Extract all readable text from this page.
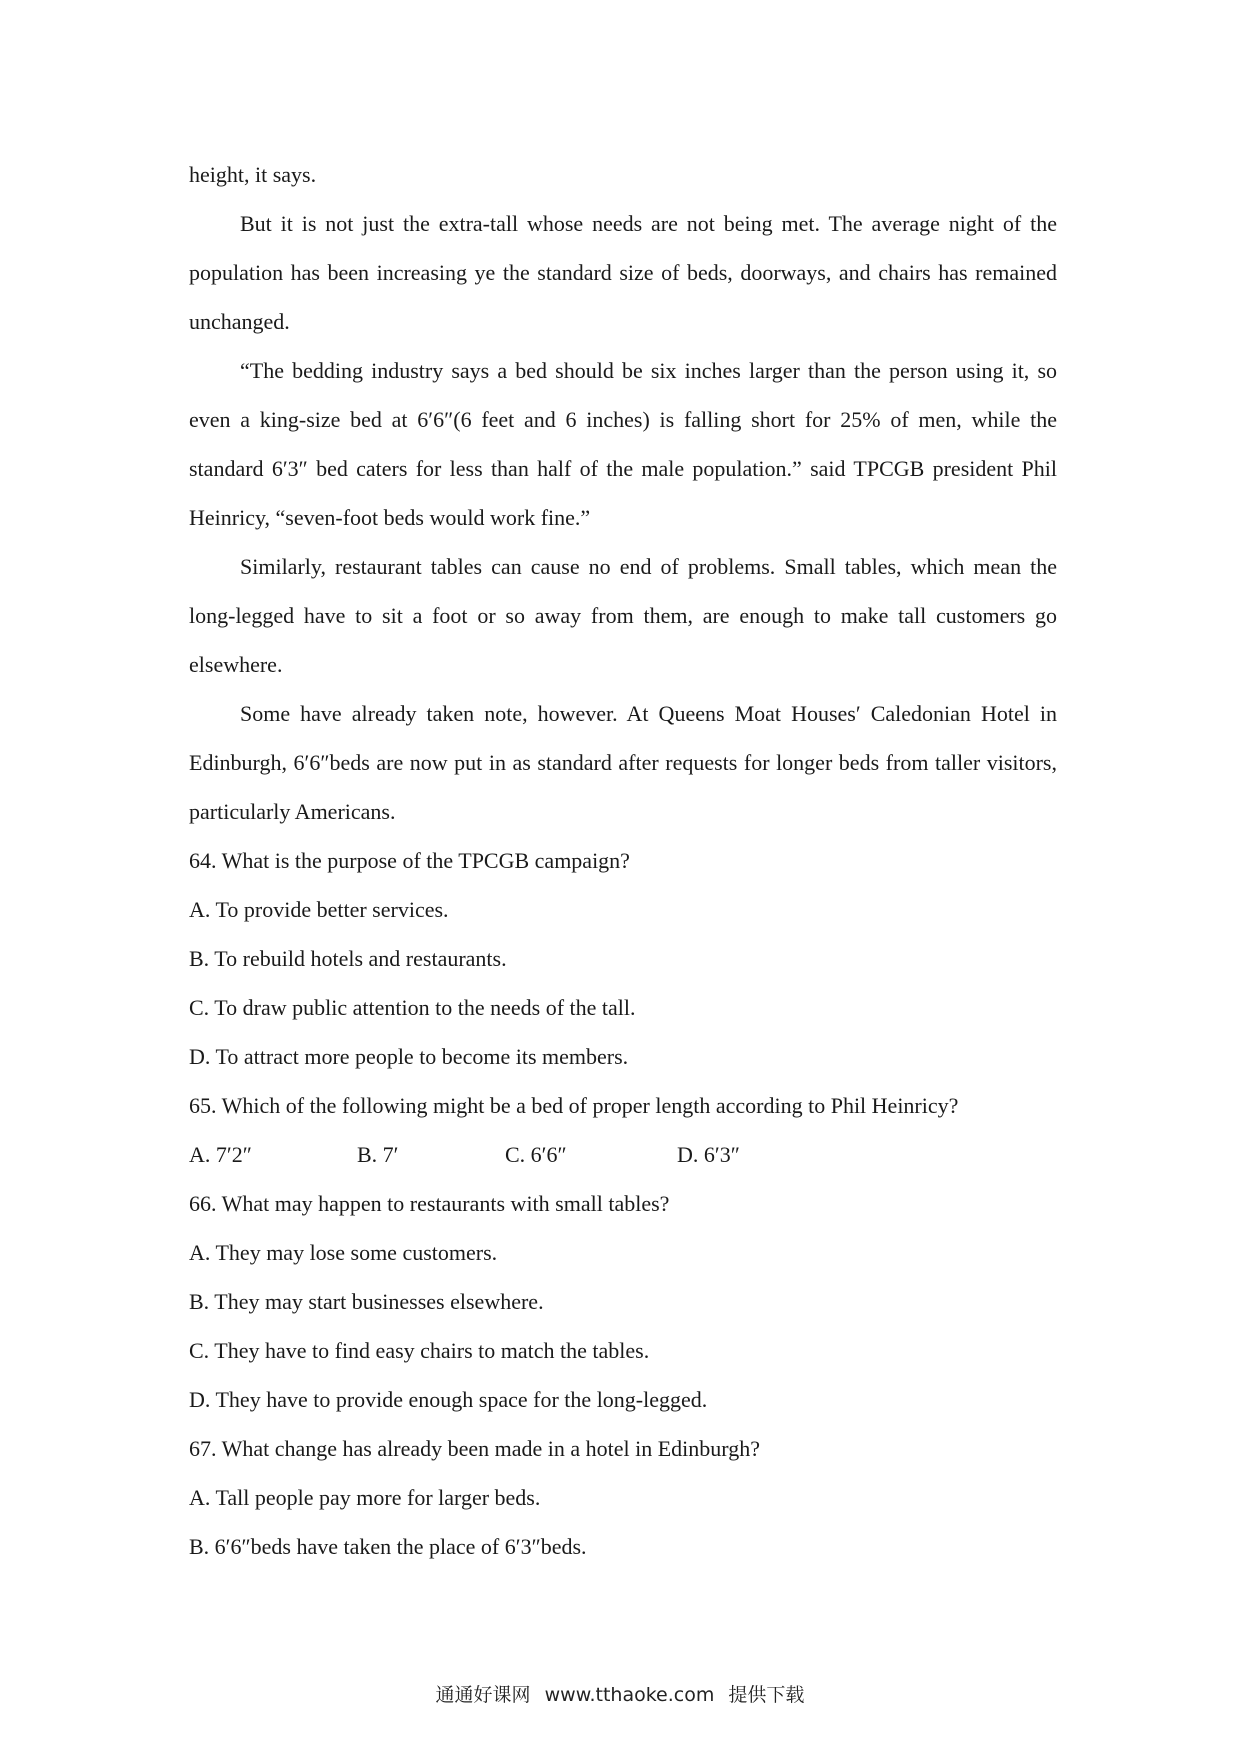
height, it says.

But it is not just the extra-tall whose needs are not being met. The average night of the population has been increasing ye the standard size of beds, doorways, and chairs has remained unchanged.

“The bedding industry says a bed should be six inches larger than the person using it, so even a king-size bed at 6′6″(6 feet and 6 inches) is falling short for 25% of men, while the standard 6′3″ bed caters for less than half of the male population.” said TPCGB president Phil Heinricy, “seven-foot beds would work fine.”

Similarly, restaurant tables can cause no end of problems. Small tables, which mean the long-legged have to sit a foot or so away from them, are enough to make tall customers go elsewhere.

Some have already taken note, however. At Queens Moat Houses′ Caledonian Hotel in Edinburgh, 6′6″beds are now put in as standard after requests for longer beds from taller visitors, particularly Americans.

64. What is the purpose of the TPCGB campaign?

A. To provide better services.

B. To rebuild hotels and restaurants.

C. To draw public attention to the needs of the tall.

D. To attract more people to become its members.

65. Which of the following might be a bed of proper length according to Phil Heinricy?

A. 7′2″	B. 7′	C. 6′6″	D. 6′3″

66. What may happen to restaurants with small tables?

A. They may lose some customers.

B. They may start businesses elsewhere.

C. They have to find easy chairs to match the tables.

D. They have to provide enough space for the long-legged.

67. What change has already been made in a hotel in Edinburgh?

A. Tall people pay more for larger beds.

B. 6′6″beds have taken the place of 6′3″beds.

通通好课网 www.tthaoke.com 提供下载
